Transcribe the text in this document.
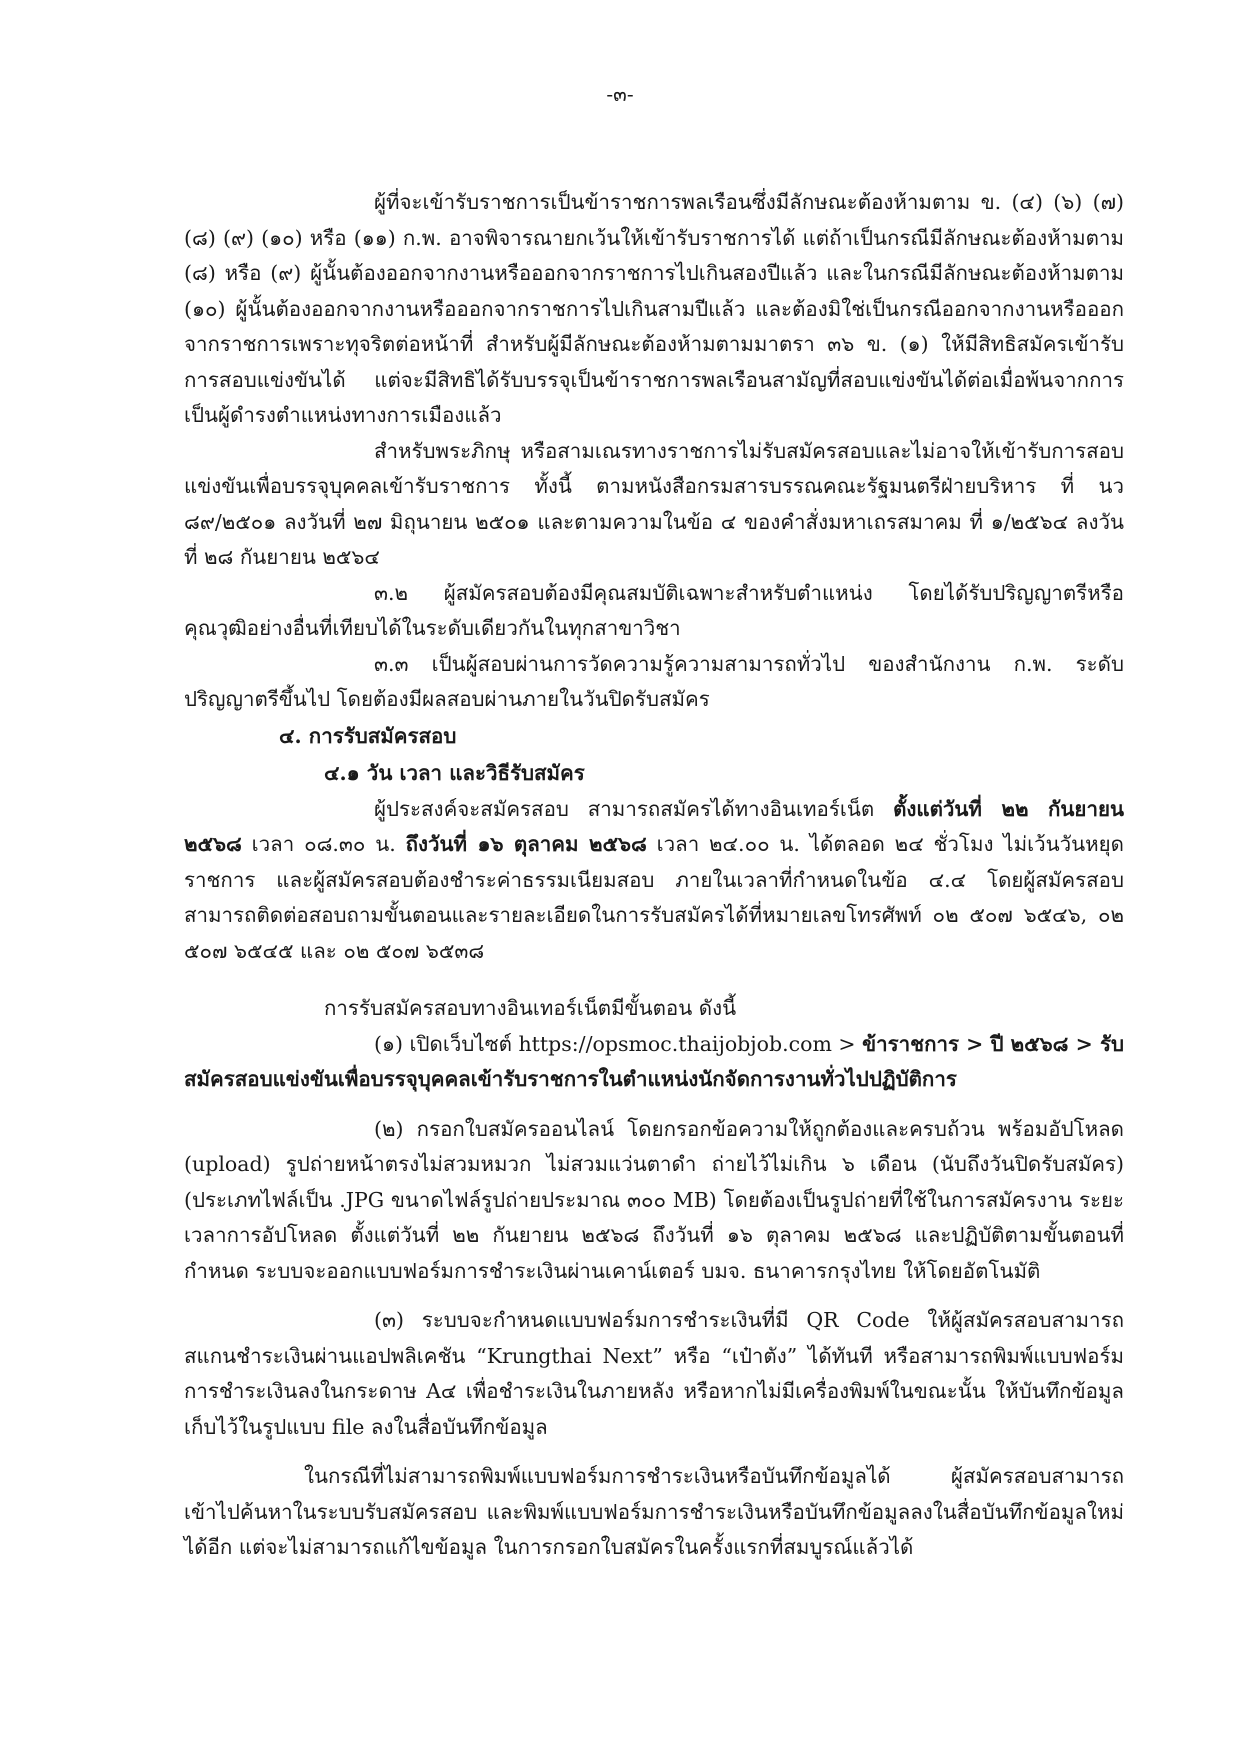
-๓-

ผู้ที่จะเข้ารับราชการเป็นข้าราชการพลเรือนซึ่งมีลักษณะต้องห้ามตาม ข. (๔) (๖) (๗) (๘) (๙) (๑๐) หรือ (๑๑) ก.พ. อาจพิจารณายกเว้นให้เข้ารับราชการได้ แต่ถ้าเป็นกรณีมีลักษณะต้องห้ามตาม (๘) หรือ (๙) ผู้นั้นต้องออกจากงานหรือออกจากราชการไปเกินสองปีแล้ว และในกรณีมีลักษณะต้องห้ามตาม (๑๐) ผู้นั้นต้องออกจากงานหรือออกจากราชการไปเกินสามปีแล้ว และต้องมิใช่เป็นกรณีออกจากงานหรือออกจากราชการเพราะทุจริตต่อหน้าที่ สำหรับผู้มีลักษณะต้องห้ามตามมาตรา ๓๖ ข. (๑) ให้มีสิทธิสมัครเข้ารับการสอบแข่งขันได้ แต่จะมีสิทธิได้รับบรรจุเป็นข้าราชการพลเรือนสามัญที่สอบแข่งขันได้ต่อเมื่อพ้นจากการเป็นผู้ดำรงตำแหน่งทางการเมืองแล้ว

สำหรับพระภิกษุ หรือสามเณรทางราชการไม่รับสมัครสอบและไม่อาจให้เข้ารับการสอบแข่งขันเพื่อบรรจุบุคคลเข้ารับราชการ ทั้งนี้ ตามหนังสือกรมสารบรรณคณะรัฐมนตรีฝ่ายบริหาร ที่ นว ๘๙/๒๕๐๑ ลงวันที่ ๒๗ มิถุนายน ๒๕๐๑ และตามความในข้อ ๔ ของคำสั่งมหาเถรสมาคม ที่ ๑/๒๕๖๔ ลงวันที่ ๒๘ กันยายน ๒๕๖๔

๓.๒ ผู้สมัครสอบต้องมีคุณสมบัติเฉพาะสำหรับตำแหน่ง โดยได้รับปริญญาตรีหรือคุณวุฒิอย่างอื่นที่เทียบได้ในระดับเดียวกันในทุกสาขาวิชา

๓.๓ เป็นผู้สอบผ่านการวัดความรู้ความสามารถทั่วไป ของสำนักงาน ก.พ. ระดับปริญญาตรีขึ้นไป โดยต้องมีผลสอบผ่านภายในวันปิดรับสมัคร

๔. การรับสมัครสอบ

๔.๑ วัน เวลา และวิธีรับสมัคร

ผู้ประสงค์จะสมัครสอบ สามารถสมัครได้ทางอินเทอร์เน็ต ตั้งแต่วันที่ ๒๒ กันยายน ๒๕๖๘ เวลา ๐๘.๓๐ น. ถึงวันที่ ๑๖ ตุลาคม ๒๕๖๘ เวลา ๒๔.๐๐ น. ได้ตลอด ๒๔ ชั่วโมง ไม่เว้นวันหยุดราชการ และผู้สมัครสอบต้องชำระค่าธรรมเนียมสอบ ภายในเวลาที่กำหนดในข้อ ๔.๔ โดยผู้สมัครสอบสามารถติดต่อสอบถามขั้นตอนและรายละเอียดในการรับสมัครได้ที่หมายเลขโทรศัพท์ ๐๒ ๕๐๗ ๖๕๔๖, ๐๒ ๕๐๗ ๖๕๔๕ และ ๐๒ ๕๐๗ ๖๕๓๘

การรับสมัครสอบทางอินเทอร์เน็ตมีขั้นตอน ดังนี้

(๑) เปิดเว็บไซต์ https://opsmoc.thaijobjob.com > ข้าราชการ > ปี ๒๕๖๘ > รับสมัครสอบแข่งขันเพื่อบรรจุบุคคลเข้ารับราชการในตำแหน่งนักจัดการงานทั่วไปปฏิบัติการ

(๒) กรอกใบสมัครออนไลน์ โดยกรอกข้อความให้ถูกต้องและครบถ้วน พร้อมอัปโหลด (upload) รูปถ่ายหน้าตรงไม่สวมหมวก ไม่สวมแว่นตาดำ ถ่ายไว้ไม่เกิน ๖ เดือน (นับถึงวันปิดรับสมัคร) (ประเภทไฟล์เป็น .JPG ขนาดไฟล์รูปถ่ายประมาณ ๓๐๐ MB) โดยต้องเป็นรูปถ่ายที่ใช้ในการสมัครงาน ระยะเวลาการอัปโหลด ตั้งแต่วันที่ ๒๒ กันยายน ๒๕๖๘ ถึงวันที่ ๑๖ ตุลาคม ๒๕๖๘ และปฏิบัติตามขั้นตอนที่กำหนด ระบบจะออกแบบฟอร์มการชำระเงินผ่านเคาน์เตอร์ บมจ. ธนาคารกรุงไทย ให้โดยอัตโนมัติ

(๓) ระบบจะกำหนดแบบฟอร์มการชำระเงินที่มี QR Code ให้ผู้สมัครสอบสามารถสแกนชำระเงินผ่านแอปพลิเคชัน “Krungthai Next” หรือ “เป๋าตัง” ได้ทันที หรือสามารถพิมพ์แบบฟอร์มการชำระเงินลงในกระดาษ A๔ เพื่อชำระเงินในภายหลัง หรือหากไม่มีเครื่องพิมพ์ในขณะนั้น ให้บันทึกข้อมูลเก็บไว้ในรูปแบบ file ลงในสื่อบันทึกข้อมูล

ในกรณีที่ไม่สามารถพิมพ์แบบฟอร์มการชำระเงินหรือบันทึกข้อมูลได้ ผู้สมัครสอบสามารถเข้าไปค้นหาในระบบรับสมัครสอบ และพิมพ์แบบฟอร์มการชำระเงินหรือบันทึกข้อมูลลงในสื่อบันทึกข้อมูลใหม่ได้อีก แต่จะไม่สามารถแก้ไขข้อมูล ในการกรอกใบสมัครในครั้งแรกที่สมบูรณ์แล้วได้
